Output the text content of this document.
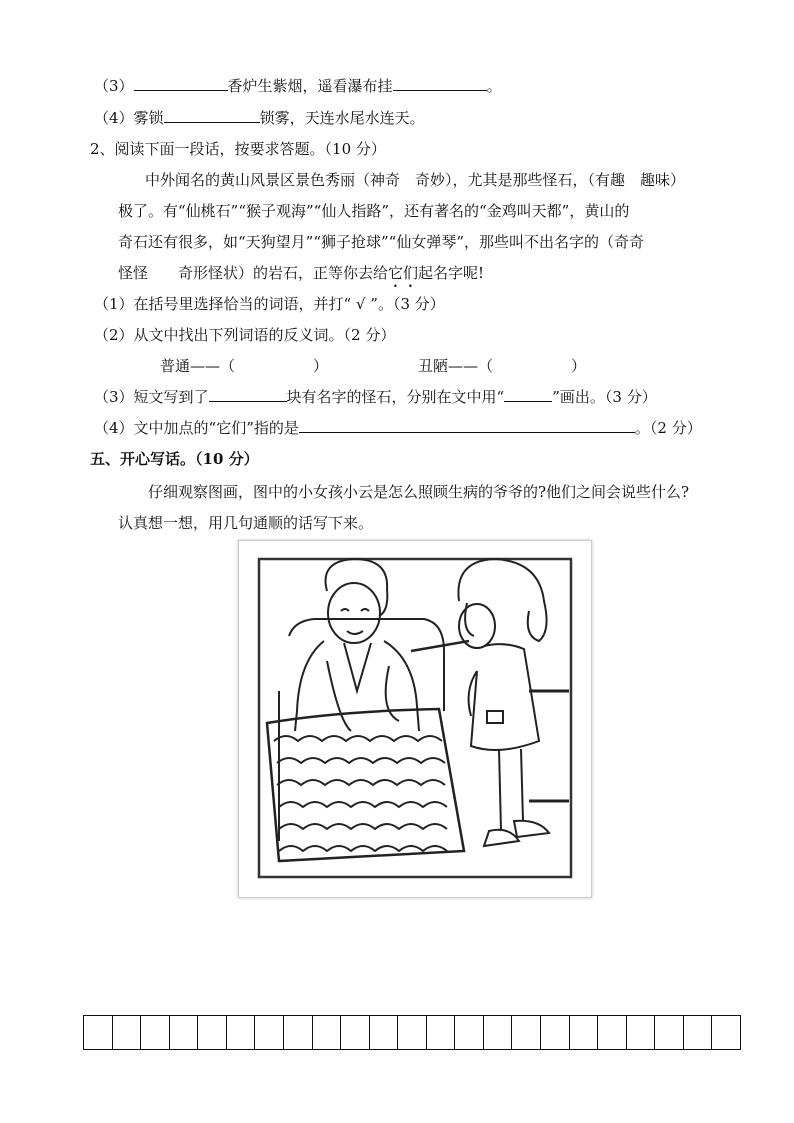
（3）	香炉生紫烟，遥看瀑布挂	。
（4）雾锁	锁雾，天连水尾水连天。
2、阅读下面一段话，按要求答题。（10 分）
中外闻名的黄山风景区景色秀丽（神奇　奇妙），尤其是那些怪石，（有趣　趣味）
极了。有“仙桃石”“猴子观海”“仙人指路”，还有著名的“金鸡叫天都”，黄山的
奇石还有很多，如“天狗望月”“狮子抢球”“仙女弹琴”，那些叫不出名字的（奇奇
怪怪　　奇形怪状）的岩石，正等你去给它们起名字呢!
（1）在括号里选择恰当的词语，并打“ √ ”。（3 分）
（2）从文中找出下列词语的反义词。（2 分）
普通——（	）	丑陋——（	）
（3）短文写到了	块有名字的怪石，分别在文中用“	”画出。（3 分）
（4）文中加点的“它们”指的是	。（2 分）
五、开心写话。（10 分）
仔细观察图画，图中的小女孩小云是怎么照顾生病的爷爷的?他们之间会说些什么?
认真想一想，用几句通顺的话写下来。
